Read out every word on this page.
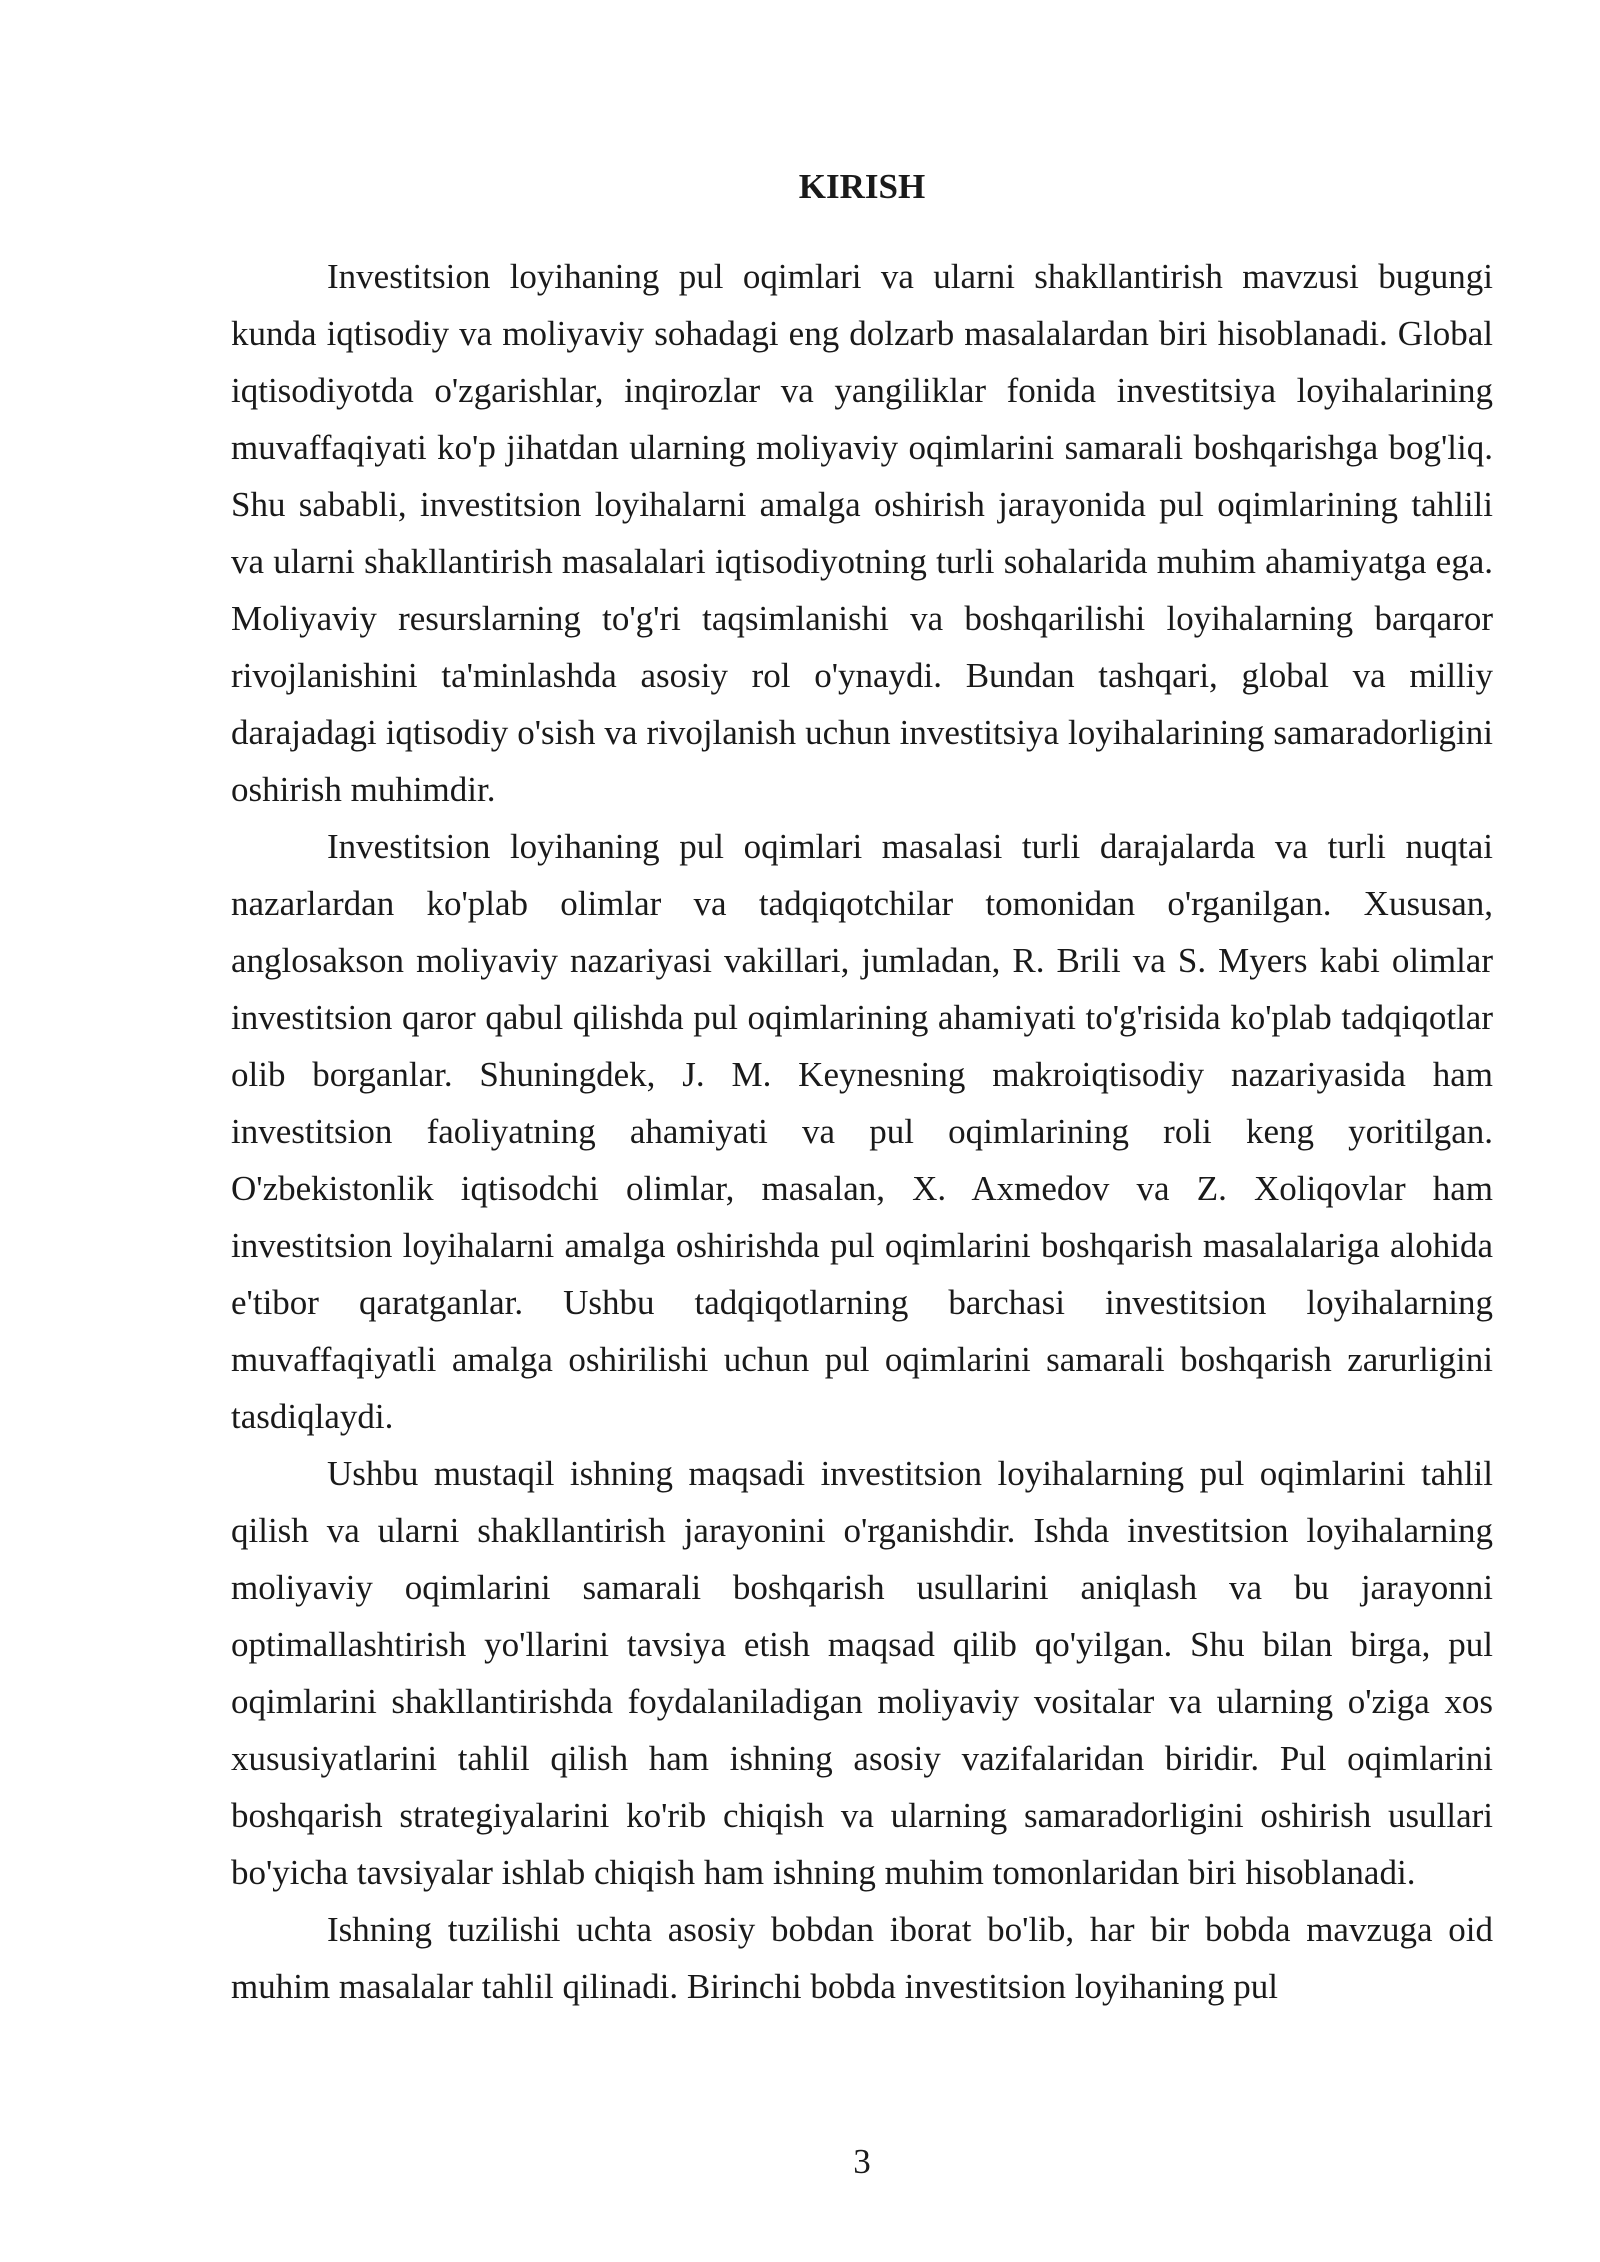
KIRISH

Investitsion loyihaning pul oqimlari va ularni shakllantirish mavzusi bugungi kunda iqtisodiy va moliyaviy sohadagi eng dolzarb masalalardan biri hisoblanadi. Global iqtisodiyotda o'zgarishlar, inqirozlar va yangiliklar fonida investitsiya loyihalarining muvaffaqiyati ko'p jihatdan ularning moliyaviy oqimlarini samarali boshqarishga bog'liq. Shu sababli, investitsion loyihalarni amalga oshirish jarayonida pul oqimlarining tahlili va ularni shakllantirish masalalari iqtisodiyotning turli sohalarida muhim ahamiyatga ega. Moliyaviy resurslarning to'g'ri taqsimlanishi va boshqarilishi loyihalarning barqaror rivojlanishini ta'minlashda asosiy rol o'ynaydi. Bundan tashqari, global va milliy darajadagi iqtisodiy o'sish va rivojlanish uchun investitsiya loyihalarining samaradorligini oshirish muhimdir.

Investitsion loyihaning pul oqimlari masalasi turli darajalarda va turli nuqtai nazarlardan ko'plab olimlar va tadqiqotchilar tomonidan o'rganilgan. Xususan, anglosakson moliyaviy nazariyasi vakillari, jumladan, R. Brili va S. Myers kabi olimlar investitsion qaror qabul qilishda pul oqimlarining ahamiyati to'g'risida ko'plab tadqiqotlar olib borganlar. Shuningdek, J. M. Keynesning makroiqtisodiy nazariyasida ham investitsion faoliyatning ahamiyati va pul oqimlarining roli keng yoritilgan. O'zbekistonlik iqtisodchi olimlar, masalan, X. Axmedov va Z. Xoliqovlar ham investitsion loyihalarni amalga oshirishda pul oqimlarini boshqarish masalalariga alohida e'tibor qaratganlar. Ushbu tadqiqotlarning barchasi investitsion loyihalarning muvaffaqiyatli amalga oshirilishi uchun pul oqimlarini samarali boshqarish zarurligini tasdiqlaydi.

Ushbu mustaqil ishning maqsadi investitsion loyihalarning pul oqimlarini tahlil qilish va ularni shakllantirish jarayonini o'rganishdir. Ishda investitsion loyihalarning moliyaviy oqimlarini samarali boshqarish usullarini aniqlash va bu jarayonni optimallashtirish yo'llarini tavsiya etish maqsad qilib qo'yilgan. Shu bilan birga, pul oqimlarini shakllantirishda foydalaniladigan moliyaviy vositalar va ularning o'ziga xos xususiyatlarini tahlil qilish ham ishning asosiy vazifalaridan biridir. Pul oqimlarini boshqarish strategiyalarini ko'rib chiqish va ularning samaradorligini oshirish usullari bo'yicha tavsiyalar ishlab chiqish ham ishning muhim tomonlaridan biri hisoblanadi.

Ishning tuzilishi uchta asosiy bobdan iborat bo'lib, har bir bobda mavzuga oid muhim masalalar tahlil qilinadi. Birinchi bobda investitsion loyihaning pul

3
